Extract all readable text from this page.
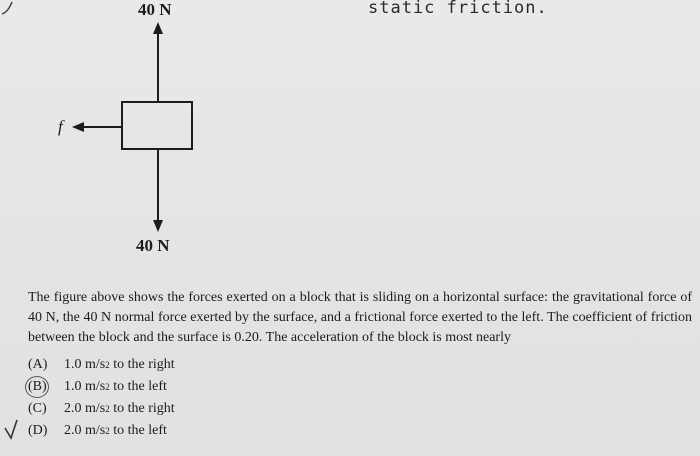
40 N
40 N
f
static friction.
The figure above shows the forces exerted on a block that is sliding on a horizontal surface: the gravitational force of 40 N, the 40 N normal force exerted by the surface, and a frictional force exerted to the left. The coefficient of friction between the block and the surface is 0.20. The acceleration of the block is most nearly
(A)	1.0 m/s 2 to the right
(B)	1.0 m/s 2 to the left
(C)	2.0 m/s 2 to the right
(D)	2.0 m/s 2 to the left
